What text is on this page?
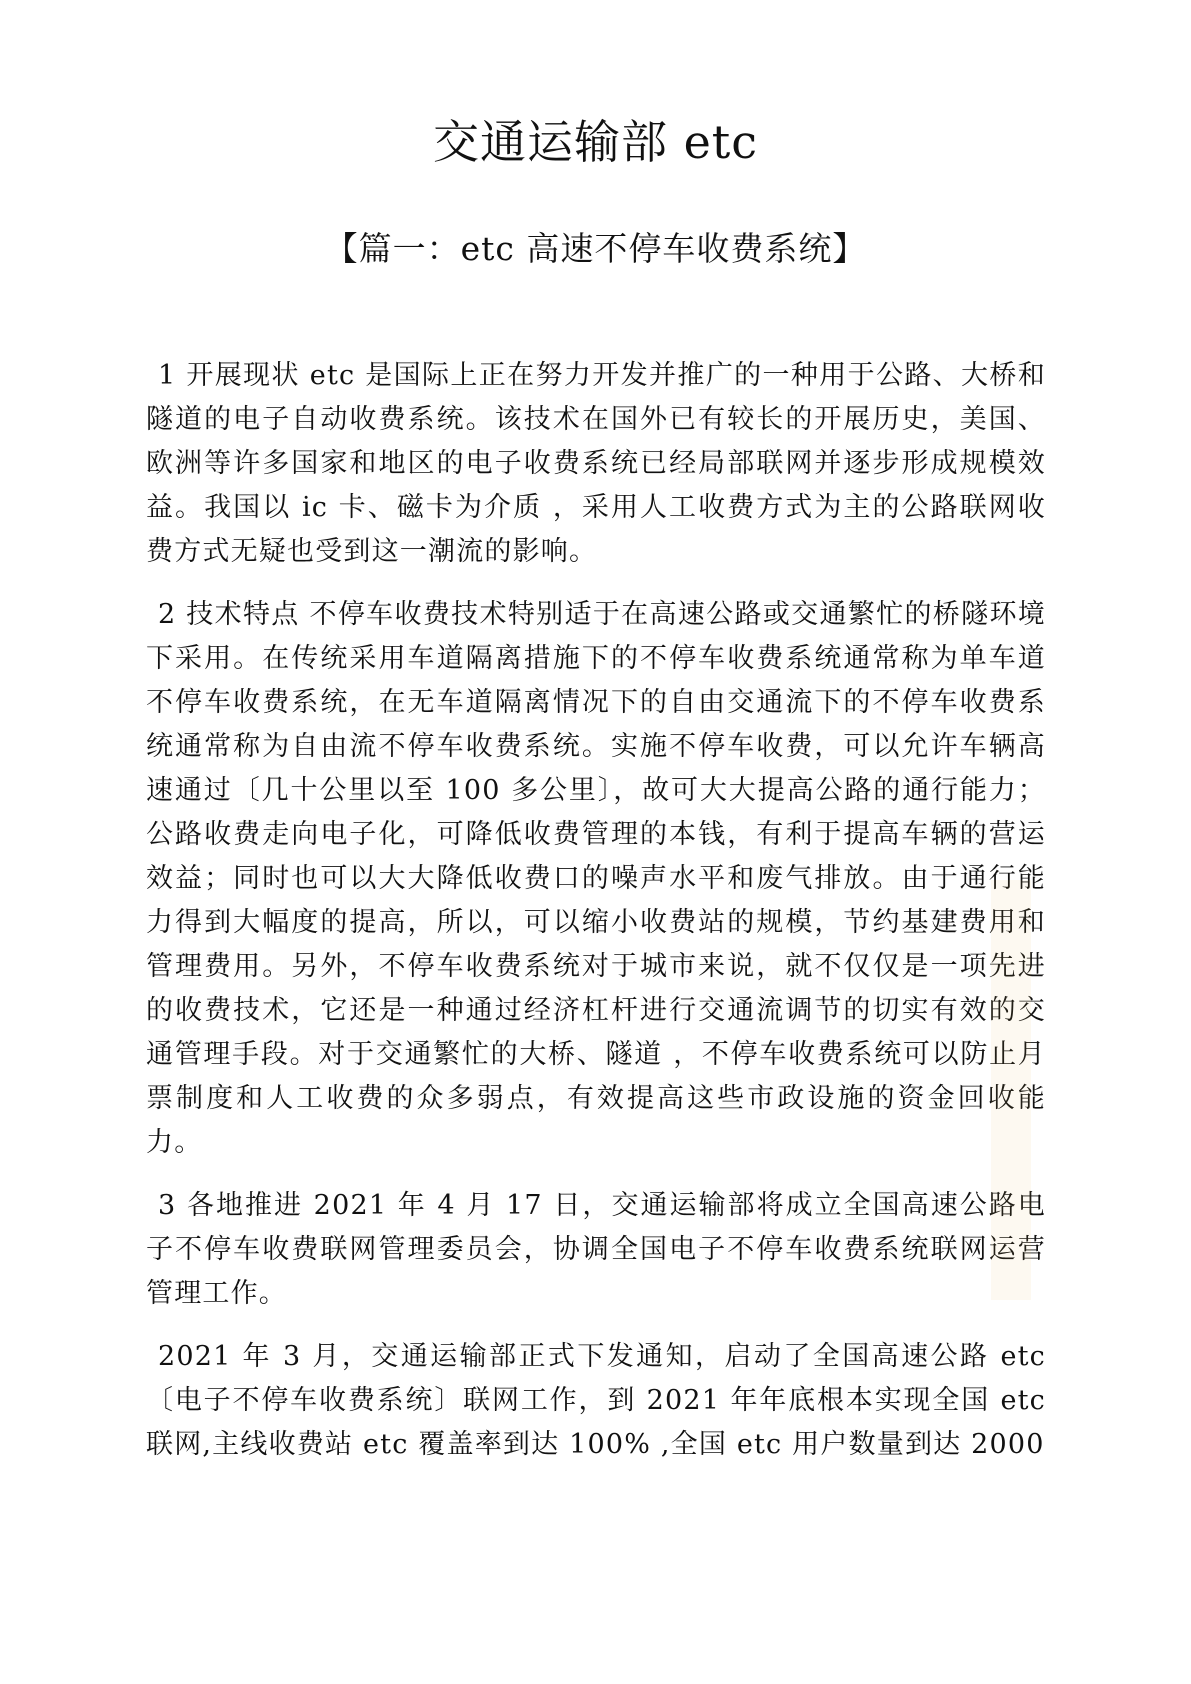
交通运输部 etc
【篇一：etc 高速不停车收费系统】

1 开展现状 etc 是国际上正在努力开发并推广的一种用于公路、大桥和隧道的电子自动收费系统。该技术在国外已有较长的开展历史，美国、欧洲等许多国家和地区的电子收费系统已经局部联网并逐步形成规模效益。我国以 ic 卡、磁卡为介质 ，采用人工收费方式为主的公路联网收费方式无疑也受到这一潮流的影响。

2 技术特点 不停车收费技术特别适于在高速公路或交通繁忙的桥隧环境下采用。在传统采用车道隔离措施下的不停车收费系统通常称为单车道不停车收费系统，在无车道隔离情况下的自由交通流下的不停车收费系统通常称为自由流不停车收费系统。实施不停车收费，可以允许车辆高速通过〔几十公里以至 100 多公里〕，故可大大提高公路的通行能力；公路收费走向电子化，可降低收费管理的本钱，有利于提高车辆的营运效益；同时也可以大大降低收费口的噪声水平和废气排放。由于通行能力得到大幅度的提高，所以，可以缩小收费站的规模，节约基建费用和管理费用。另外，不停车收费系统对于城市来说，就不仅仅是一项先进的收费技术，它还是一种通过经济杠杆进行交通流调节的切实有效的交通管理手段。对于交通繁忙的大桥、隧道 ，不停车收费系统可以防止月票制度和人工收费的众多弱点，有效提高这些市政设施的资金回收能力。

3 各地推进 2021 年 4 月 17 日，交通运输部将成立全国高速公路电子不停车收费联网管理委员会，协调全国电子不停车收费系统联网运营管理工作。

2021 年 3 月，交通运输部正式下发通知，启动了全国高速公路 etc〔电子不停车收费系统〕联网工作，到 2021 年年底根本实现全国 etc 联网,主线收费站 etc 覆盖率到达 100% ,全国 etc 用户数量到达 2000
